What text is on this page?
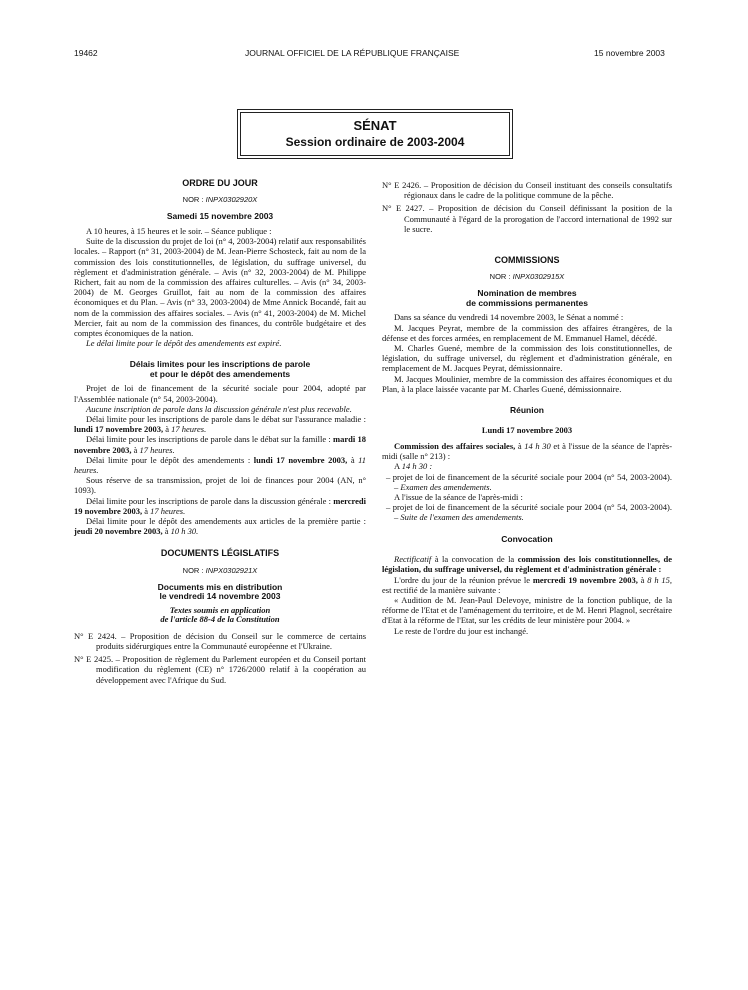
19462	JOURNAL OFFICIEL DE LA RÉPUBLIQUE FRANÇAISE	15 novembre 2003
SÉNAT
Session ordinaire de 2003-2004
ORDRE DU JOUR
NOR : INPX0302920X
Samedi 15 novembre 2003

A 10 heures, à 15 heures et le soir. – Séance publique :

Suite de la discussion du projet de loi (n° 4, 2003-2004) relatif aux responsabilités locales. – Rapport (n° 31, 2003-2004) de M. Jean-Pierre Schosteck, fait au nom de la commission des lois constitutionnelles, de législation, du suffrage universel, du règlement et d'administration générale. – Avis (n° 32, 2003-2004) de M. Philippe Richert, fait au nom de la commission des affaires culturelles. – Avis (n° 34, 2003-2004) de M. Georges Gruillot, fait au nom de la commission des affaires économiques et du Plan. – Avis (n° 33, 2003-2004) de Mme Annick Bocandé, fait au nom de la commission des affaires sociales. – Avis (n° 41, 2003-2004) de M. Michel Mercier, fait au nom de la commission des finances, du contrôle budgétaire et des comptes économiques de la nation.

Le délai limite pour le dépôt des amendements est expiré.

Délais limites pour les inscriptions de parole
et pour le dépôt des amendements

Projet de loi de financement de la sécurité sociale pour 2004, adopté par l'Assemblée nationale (n° 54, 2003-2004).

Aucune inscription de parole dans la discussion générale n'est plus recevable.

Délai limite pour les inscriptions de parole dans le débat sur l'assurance maladie : lundi 17 novembre 2003, à 17 heures.

Délai limite pour les inscriptions de parole dans le débat sur la famille : mardi 18 novembre 2003, à 17 heures.

Délai limite pour le dépôt des amendements : lundi 17 novembre 2003, à 11 heures.

Sous réserve de sa transmission, projet de loi de finances pour 2004 (AN, n° 1093).

Délai limite pour les inscriptions de parole dans la discussion générale : mercredi 19 novembre 2003, à 17 heures.

Délai limite pour le dépôt des amendements aux articles de la première partie : jeudi 20 novembre 2003, à 10 h 30.

DOCUMENTS LÉGISLATIFS
NOR : INPX0302921X
Documents mis en distribution
le vendredi 14 novembre 2003
Textes soumis en application
de l'article 88-4 de la Constitution

N° E 2424. – Proposition de décision du Conseil sur le commerce de certains produits sidérurgiques entre la Communauté européenne et l'Ukraine.

N° E 2425. – Proposition de règlement du Parlement européen et du Conseil portant modification du règlement (CE) n° 1726/2000 relatif à la coopération au développement avec l'Afrique du Sud.

N° E 2426. – Proposition de décision du Conseil instituant des conseils consultatifs régionaux dans le cadre de la politique commune de la pêche.

N° E 2427. – Proposition de décision du Conseil définissant la position de la Communauté à l'égard de la prorogation de l'accord international de 1992 sur le sucre.

COMMISSIONS
NOR : INPX0302915X
Nomination de membres
de commissions permanentes

Dans sa séance du vendredi 14 novembre 2003, le Sénat a nommé :

M. Jacques Peyrat, membre de la commission des affaires étrangères, de la défense et des forces armées, en remplacement de M. Emmanuel Hamel, décédé.

M. Charles Guené, membre de la commission des lois constitutionnelles, de législation, du suffrage universel, du règlement et d'administration générale, en remplacement de M. Jacques Peyrat, démissionnaire.

M. Jacques Moulinier, membre de la commission des affaires économiques et du Plan, à la place laissée vacante par M. Charles Guené, démissionnaire.

Réunion
Lundi 17 novembre 2003

Commission des affaires sociales, à 14 h 30 et à l'issue de la séance de l'après-midi (salle n° 213) :

A 14 h 30 :

– projet de loi de financement de la sécurité sociale pour 2004 (n° 54, 2003-2004). – Examen des amendements.

A l'issue de la séance de l'après-midi :

– projet de loi de financement de la sécurité sociale pour 2004 (n° 54, 2003-2004). – Suite de l'examen des amendements.

Convocation

Rectificatif à la convocation de la commission des lois constitutionnelles, de législation, du suffrage universel, du règlement et d'administration générale :

L'ordre du jour de la réunion prévue le mercredi 19 novembre 2003, à 8 h 15, est rectifié de la manière suivante :

« Audition de M. Jean-Paul Delevoye, ministre de la fonction publique, de la réforme de l'Etat et de l'aménagement du territoire, et de M. Henri Plagnol, secrétaire d'Etat à la réforme de l'Etat, sur les crédits de leur ministère pour 2004. »

Le reste de l'ordre du jour est inchangé.
